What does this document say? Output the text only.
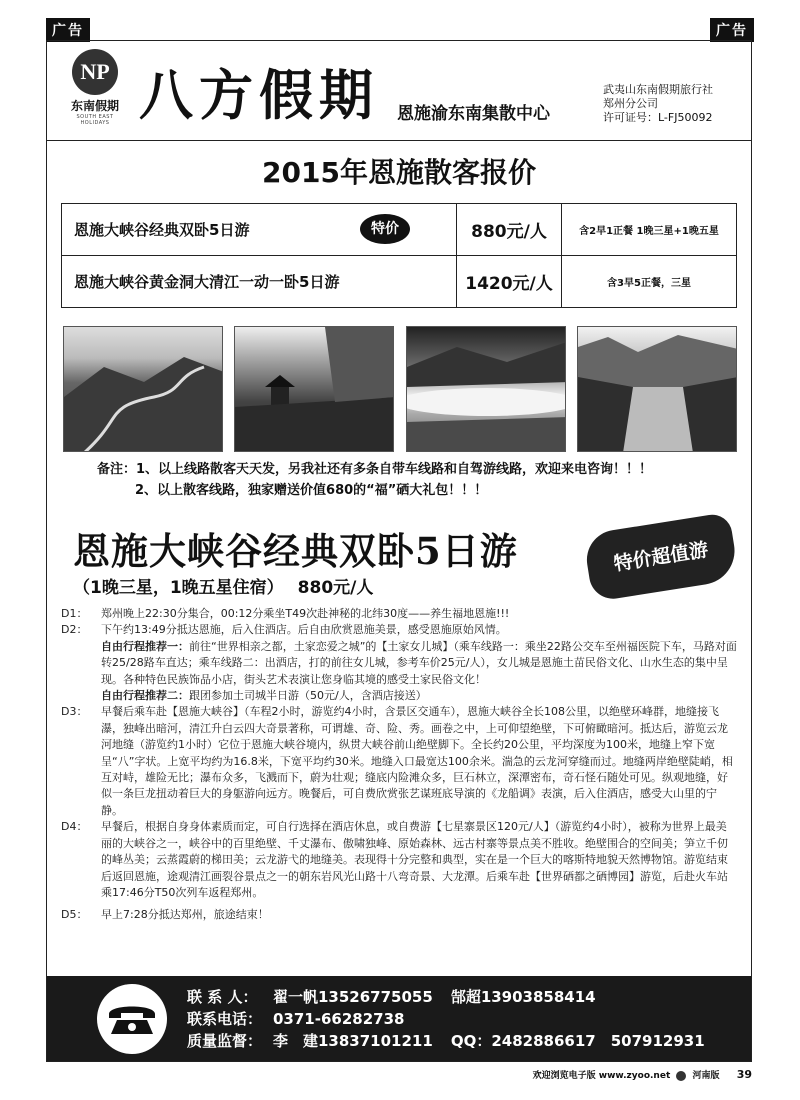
广告	广告
NP
东南假期
SOUTH EAST HOLIDAYS 八方假期 恩施渝东南集散中心
武夷山东南假期旅行社
郑州分公司
许可证号：L-FJ50092
2015年恩施散客报价
恩施大峡谷经典双卧5日游 特价	880元/人	含2早1正餐 1晚三星+1晚五星
恩施大峡谷黄金洞大清江一动一卧5日游	1420元/人	含3早5正餐，三星
备注：1、以上线路散客天天发，另我社还有多条自带车线路和自驾游线路，欢迎来电咨询！！！
2、以上散客线路，独家赠送价值680的“福”硒大礼包！！！
恩施大峡谷经典双卧5日游	特价超值游
（1晚三星，1晚五星住宿） 880元/人
D1：	郑州晚上22:30分集合，00:12分乘坐T49次赴神秘的北纬30度——养生福地恩施!!!
D2：	下午约13:49分抵达恩施，后入住酒店。后自由欣赏恩施美景，感受恩施原始风情。
自由行程推荐一：前往“世界相亲之都，土家恋爱之城”的【土家女儿城】（乘车线路一：乘坐22路公交车至州福医院下车，马路对面转25/28路车直达；乘车线路二：出酒店，打的前往女儿城，参考车价25元/人），女儿城是恩施土苗民俗文化、山水生态的集中呈现。各种特色民族饰品小店，街头艺术表演让您身临其境的感受土家民俗文化！
自由行程推荐二：跟团参加土司城半日游（50元/人，含酒店接送）
D3：	早餐后乘车赴【恩施大峡谷】（车程2小时，游览约4小时，含景区交通车），恩施大峡谷全长108公里，以绝壁环峰群，地缝接飞瀑，独峰出暗河，清江升白云四大奇景著称，可谓雄、奇、险、秀。画卷之中，上可仰望绝壁，下可俯瞰暗河。抵达后，游览云龙河地缝（游览约1小时）它位于恩施大峡谷境内，纵贯大峡谷前山绝壁脚下。全长约20公里，平均深度为100米，地缝上窄下宽呈“八”字状。上宽平均约为16.8米，下宽平均约30米。地缝入口最宽达100余米。湍急的云龙河穿缝而过。地缝两岸绝壁陡峭，相互对峙，雄险无比；瀑布众多，飞溅而下，蔚为壮观；缝底内险滩众多，巨石林立，深潭密布，奇石怪石随处可见。纵观地缝，好似一条巨龙扭动着巨大的身躯游向远方。晚餐后，可自费欣赏张艺谋班底导演的《龙船调》表演，后入住酒店，感受大山里的宁静。
D4：	早餐后，根据自身身体素质而定，可自行选择在酒店休息，或自费游【七星寨景区120元/人】（游览约4小时），被称为世界上最美丽的大峡谷之一，峡谷中的百里绝壁、千丈瀑布、傲啸独峰、原始森林、远古村寨等景点美不胜收。绝壁围合的空间美；笋立千仞的峰丛美；云蒸霞蔚的梯田美；云龙游弋的地缝美。表现得十分完整和典型，实在是一个巨大的喀斯特地貌天然博物馆。游览结束后返回恩施，途观清江画裂谷景点之一的朝东岩风光山路十八弯奇景、大龙潭。后乘车赴【世界硒都之硒博园】游览，后赴火车站乘17:46分T50次列车返程郑州。
D5：	早上7:28分抵达郑州，旅途结束！
联 系 人： 翟一帆13526775055 郜超13903858414
联系电话： 0371-66282738
质量监督： 李　建13837101211 QQ：2482886617　507912931
欢迎浏览电子版 www.zyoo.net 河南版 39
